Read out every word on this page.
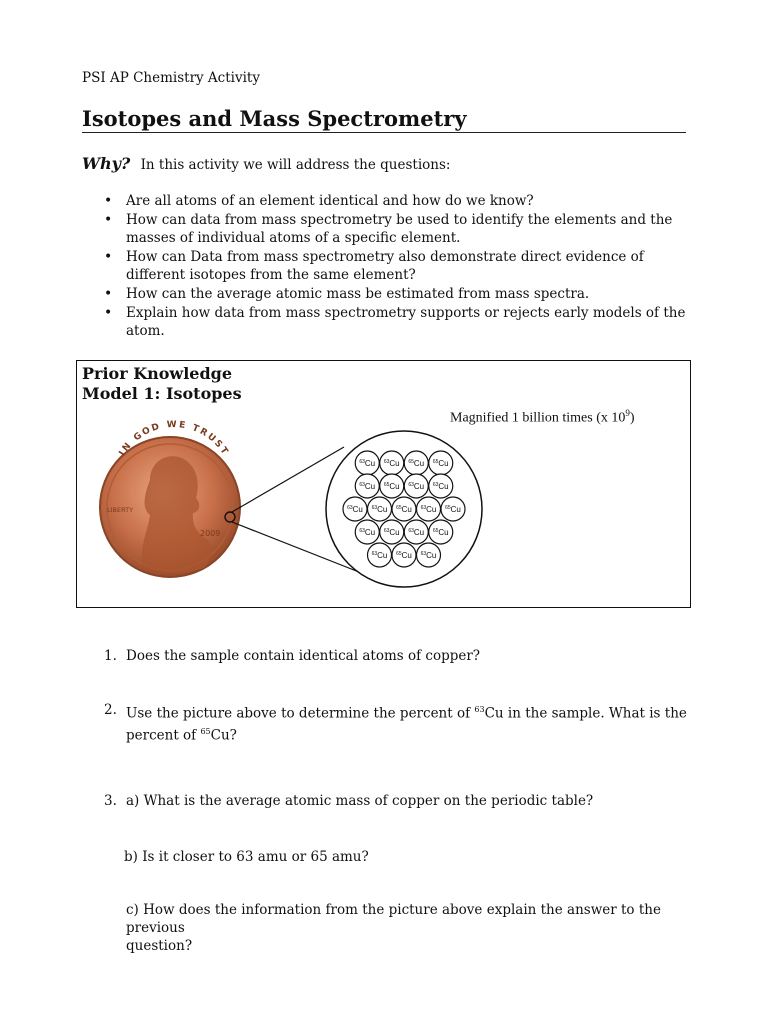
PSI AP Chemistry Activity
Isotopes and Mass Spectrometry
Why? In this activity we will address the questions:
• Are all atoms of an element identical and how do we know?
• How can data from mass spectrometry be used to identify the elements and the masses of individual atoms of a specific element.
• How can Data from mass spectrometry also demonstrate direct evidence of different isotopes from the same element?
• How can the average atomic mass be estimated from mass spectra.
• Explain how data from mass spectrometry supports or rejects early models of the atom.
Prior Knowledge
Model 1: Isotopes
Magnified 1 billion times (x $10^9$)
IN GOD WE TRUST
LIBERTY
2009
$^{63}$Cu $^{63}$Cu $^{65}$Cu $^{65}$Cu
$^{63}$Cu $^{65}$Cu $^{63}$Cu $^{63}$Cu
$^{63}$Cu $^{63}$Cu $^{65}$Cu $^{63}$Cu $^{65}$Cu
$^{63}$Cu $^{63}$Cu $^{63}$Cu $^{65}$Cu
$^{63}$Cu $^{65}$Cu $^{63}$Cu
1. Does the sample contain identical atoms of copper?
2. Use the picture above to determine the percent of $^{63}$Cu in the sample. What is the
percent of $^{65}$Cu?
3. a) What is the average atomic mass of copper on the periodic table?
b) Is it closer to 63 amu or 65 amu?
c) How does the information from the picture above explain the answer to the previous
question?
